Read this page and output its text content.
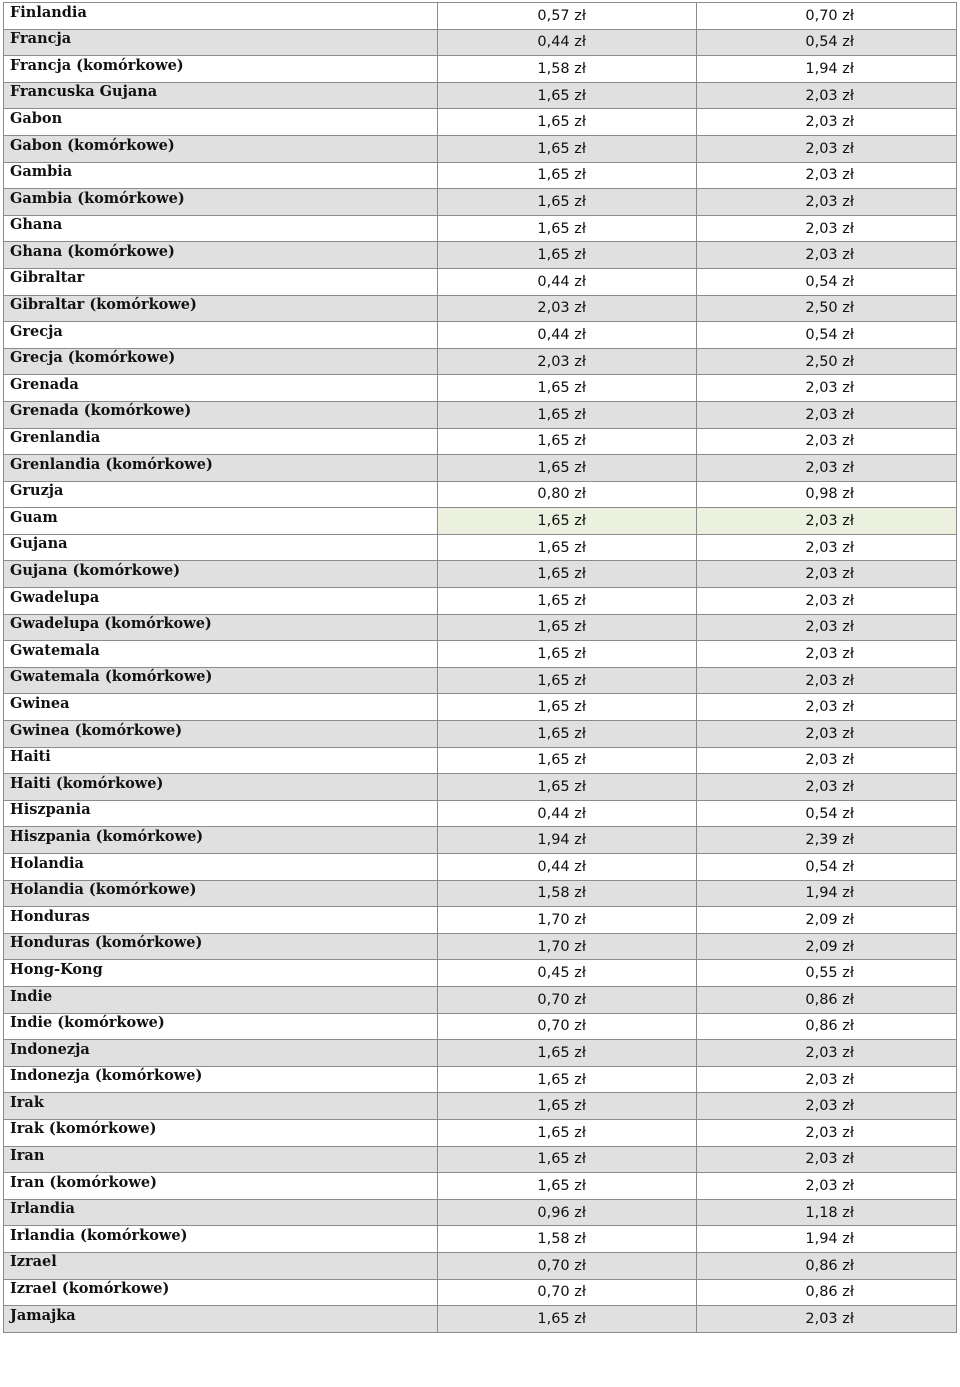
Finlandia	0,57 zł	0,70 zł
Francja	0,44 zł	0,54 zł
Francja (komórkowe)	1,58 zł	1,94 zł
Francuska Gujana	1,65 zł	2,03 zł
Gabon	1,65 zł	2,03 zł
Gabon (komórkowe)	1,65 zł	2,03 zł
Gambia	1,65 zł	2,03 zł
Gambia (komórkowe)	1,65 zł	2,03 zł
Ghana	1,65 zł	2,03 zł
Ghana (komórkowe)	1,65 zł	2,03 zł
Gibraltar	0,44 zł	0,54 zł
Gibraltar (komórkowe)	2,03 zł	2,50 zł
Grecja	0,44 zł	0,54 zł
Grecja (komórkowe)	2,03 zł	2,50 zł
Grenada	1,65 zł	2,03 zł
Grenada (komórkowe)	1,65 zł	2,03 zł
Grenlandia	1,65 zł	2,03 zł
Grenlandia (komórkowe)	1,65 zł	2,03 zł
Gruzja	0,80 zł	0,98 zł
Guam	1,65 zł	2,03 zł
Gujana	1,65 zł	2,03 zł
Gujana (komórkowe)	1,65 zł	2,03 zł
Gwadelupa	1,65 zł	2,03 zł
Gwadelupa (komórkowe)	1,65 zł	2,03 zł
Gwatemala	1,65 zł	2,03 zł
Gwatemala (komórkowe)	1,65 zł	2,03 zł
Gwinea	1,65 zł	2,03 zł
Gwinea (komórkowe)	1,65 zł	2,03 zł
Haiti	1,65 zł	2,03 zł
Haiti (komórkowe)	1,65 zł	2,03 zł
Hiszpania	0,44 zł	0,54 zł
Hiszpania (komórkowe)	1,94 zł	2,39 zł
Holandia	0,44 zł	0,54 zł
Holandia (komórkowe)	1,58 zł	1,94 zł
Honduras	1,70 zł	2,09 zł
Honduras (komórkowe)	1,70 zł	2,09 zł
Hong-Kong	0,45 zł	0,55 zł
Indie	0,70 zł	0,86 zł
Indie (komórkowe)	0,70 zł	0,86 zł
Indonezja	1,65 zł	2,03 zł
Indonezja (komórkowe)	1,65 zł	2,03 zł
Irak	1,65 zł	2,03 zł
Irak (komórkowe)	1,65 zł	2,03 zł
Iran	1,65 zł	2,03 zł
Iran (komórkowe)	1,65 zł	2,03 zł
Irlandia	0,96 zł	1,18 zł
Irlandia (komórkowe)	1,58 zł	1,94 zł
Izrael	0,70 zł	0,86 zł
Izrael (komórkowe)	0,70 zł	0,86 zł
Jamajka	1,65 zł	2,03 zł
